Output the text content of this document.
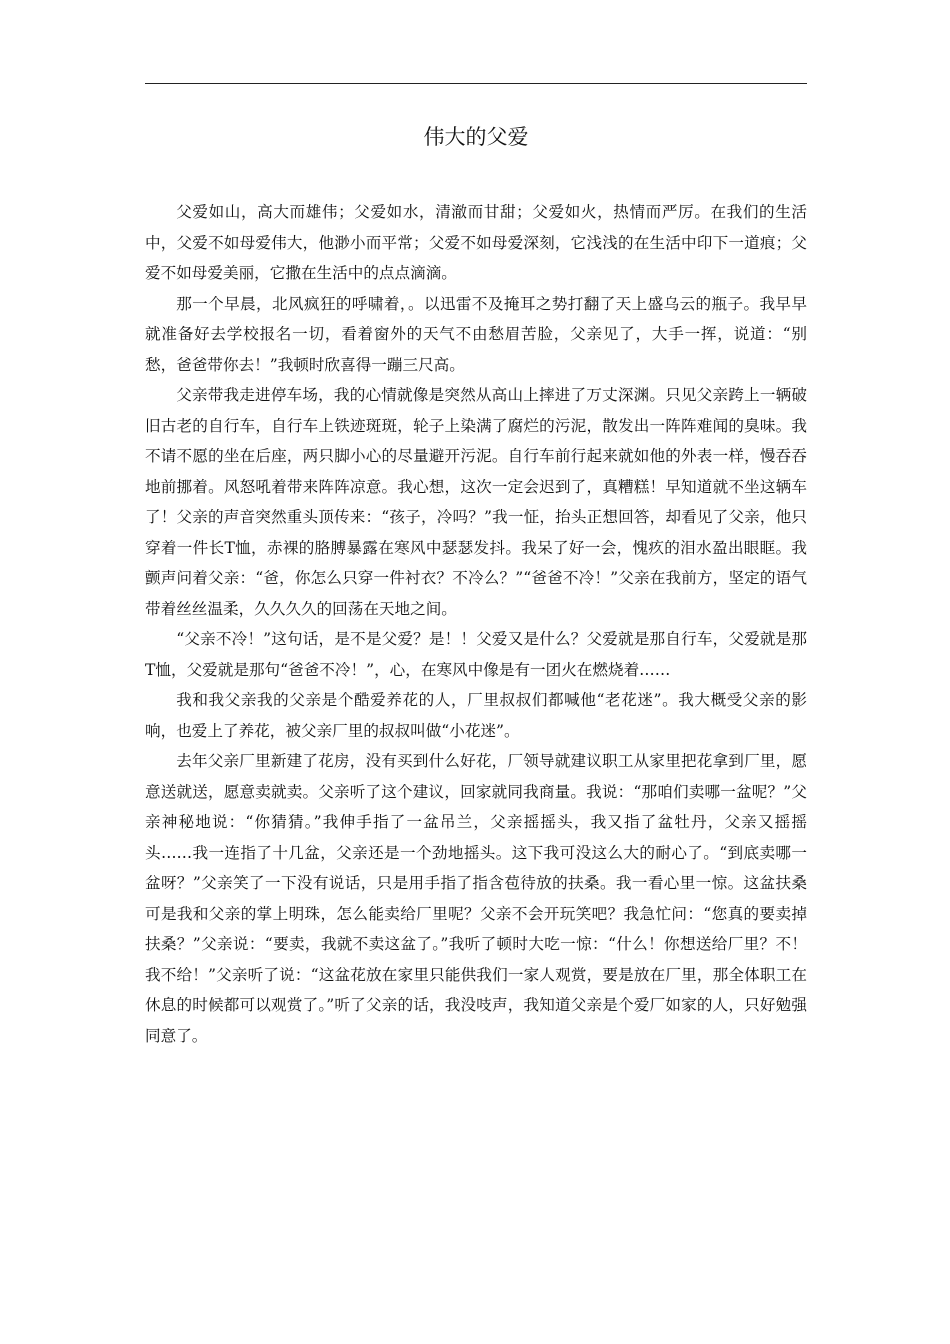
伟大的父爱

父爱如山，高大而雄伟；父爱如水，清澈而甘甜；父爱如火，热情而严厉。在我们的生活中，父爱不如母爱伟大，他渺小而平常；父爱不如母爱深刻，它浅浅的在生活中印下一道痕；父爱不如母爱美丽，它撒在生活中的点点滴滴。

那一个早晨，北风疯狂的呼啸着，。以迅雷不及掩耳之势打翻了天上盛乌云的瓶子。我早早就准备好去学校报名一切，看着窗外的天气不由愁眉苦脸，父亲见了，大手一挥，说道：“别愁，爸爸带你去！”我顿时欣喜得一蹦三尺高。

父亲带我走进停车场，我的心情就像是突然从高山上摔进了万丈深渊。只见父亲跨上一辆破旧古老的自行车，自行车上铁迹斑斑，轮子上染满了腐烂的污泥，散发出一阵阵难闻的臭味。我不请不愿的坐在后座，两只脚小心的尽量避开污泥。自行车前行起来就如他的外表一样，慢吞吞地前挪着。风怒吼着带来阵阵凉意。我心想，这次一定会迟到了，真糟糕！早知道就不坐这辆车了！父亲的声音突然重头顶传来：“孩子，冷吗？”我一怔，抬头正想回答，却看见了父亲，他只穿着一件长T恤，赤裸的胳膊暴露在寒风中瑟瑟发抖。我呆了好一会，愧疚的泪水盈出眼眶。我颤声问着父亲：“爸，你怎么只穿一件衬衣？不冷么？”“爸爸不冷！”父亲在我前方，坚定的语气带着丝丝温柔，久久久久的回荡在天地之间。

“父亲不冷！”这句话，是不是父爱？是！！父爱又是什么？父爱就是那自行车，父爱就是那T恤，父爱就是那句“爸爸不冷！”，心，在寒风中像是有一团火在燃烧着……

我和我父亲我的父亲是个酷爱养花的人，厂里叔叔们都喊他“老花迷”。我大概受父亲的影响，也爱上了养花，被父亲厂里的叔叔叫做“小花迷”。

去年父亲厂里新建了花房，没有买到什么好花，厂领导就建议职工从家里把花拿到厂里，愿意送就送，愿意卖就卖。父亲听了这个建议，回家就同我商量。我说：“那咱们卖哪一盆呢？”父亲神秘地说：“你猜猜。”我伸手指了一盆吊兰，父亲摇摇头，我又指了盆牡丹，父亲又摇摇头……我一连指了十几盆，父亲还是一个劲地摇头。这下我可没这么大的耐心了。“到底卖哪一盆呀？”父亲笑了一下没有说话，只是用手指了指含苞待放的扶桑。我一看心里一惊。这盆扶桑可是我和父亲的掌上明珠，怎么能卖给厂里呢？父亲不会开玩笑吧？我急忙问：“您真的要卖掉扶桑？”父亲说：“要卖，我就不卖这盆了。”我听了顿时大吃一惊：“什么！你想送给厂里？不！我不给！”父亲听了说：“这盆花放在家里只能供我们一家人观赏，要是放在厂里，那全体职工在休息的时候都可以观赏了。”听了父亲的话，我没吱声，我知道父亲是个爱厂如家的人，只好勉强同意了。
